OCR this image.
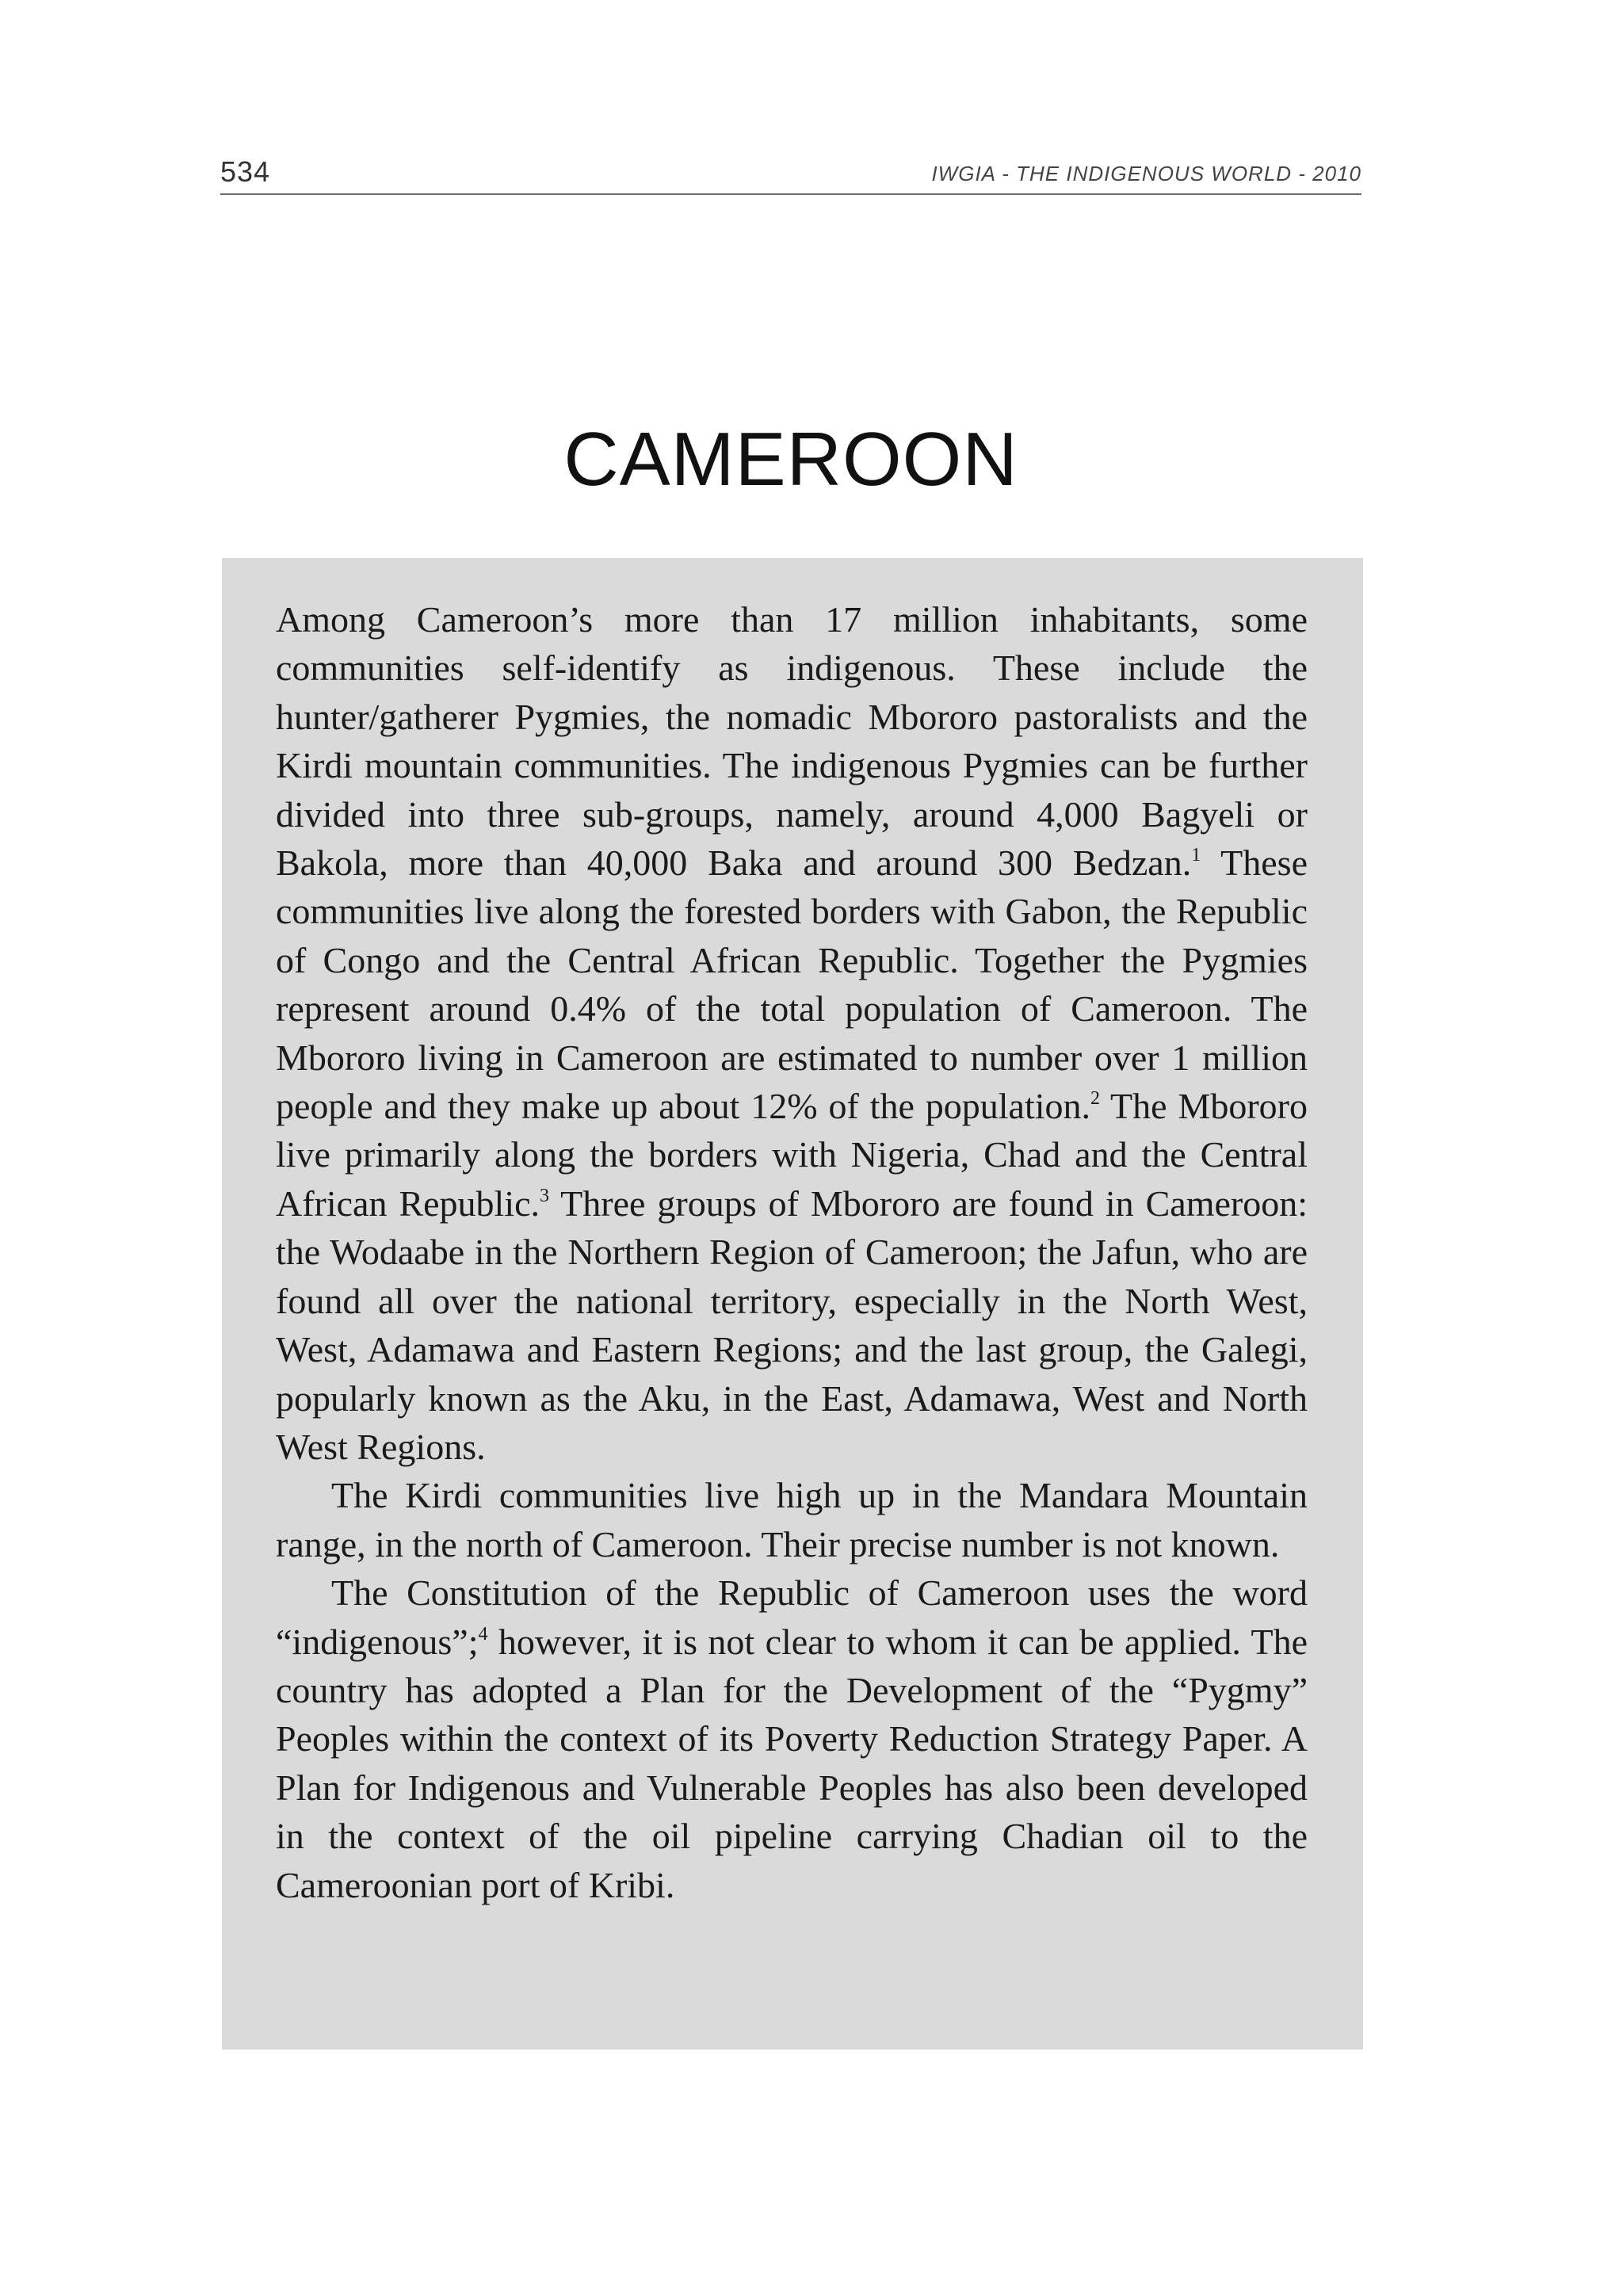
534	IWGIA - THE INDIGENOUS WORLD - 2010
CAMEROON

Among Cameroon’s more than 17 million inhabitants, some communities self-identify as indigenous. These include the hunter/gatherer Pygmies, the nomadic Mbororo pastoralists and the Kirdi mountain communities. The indigenous Pygmies can be further divided into three sub-groups, namely, around 4,000 Bagyeli or Bakola, more than 40,000 Baka and around 300 Bedzan.$^1$ These communities live along the forested borders with Gabon, the Republic of Congo and the Central African Republic. Together the Pygmies represent around 0.4% of the total population of Cameroon. The Mbororo living in Cameroon are estimated to number over 1 million people and they make up about 12% of the population.$^2$ The Mbororo live primarily along the borders with Nigeria, Chad and the Central African Republic.$^3$ Three groups of Mbororo are found in Cameroon: the Wodaabe in the Northern Region of Cameroon; the Jafun, who are found all over the national territory, especially in the North West, West, Adamawa and Eastern Regions; and the last group, the Galegi, popularly known as the Aku, in the East, Adamawa, West and North West Regions.

The Kirdi communities live high up in the Mandara Mountain range, in the north of Cameroon. Their precise number is not known.

The Constitution of the Republic of Cameroon uses the word “indigenous”;$^4$ however, it is not clear to whom it can be applied. The country has adopted a Plan for the Development of the “Pygmy” Peoples within the context of its Poverty Reduction Strategy Paper. A Plan for Indigenous and Vulnerable Peoples has also been developed in the context of the oil pipeline carrying Chadian oil to the Cameroonian port of Kribi.
